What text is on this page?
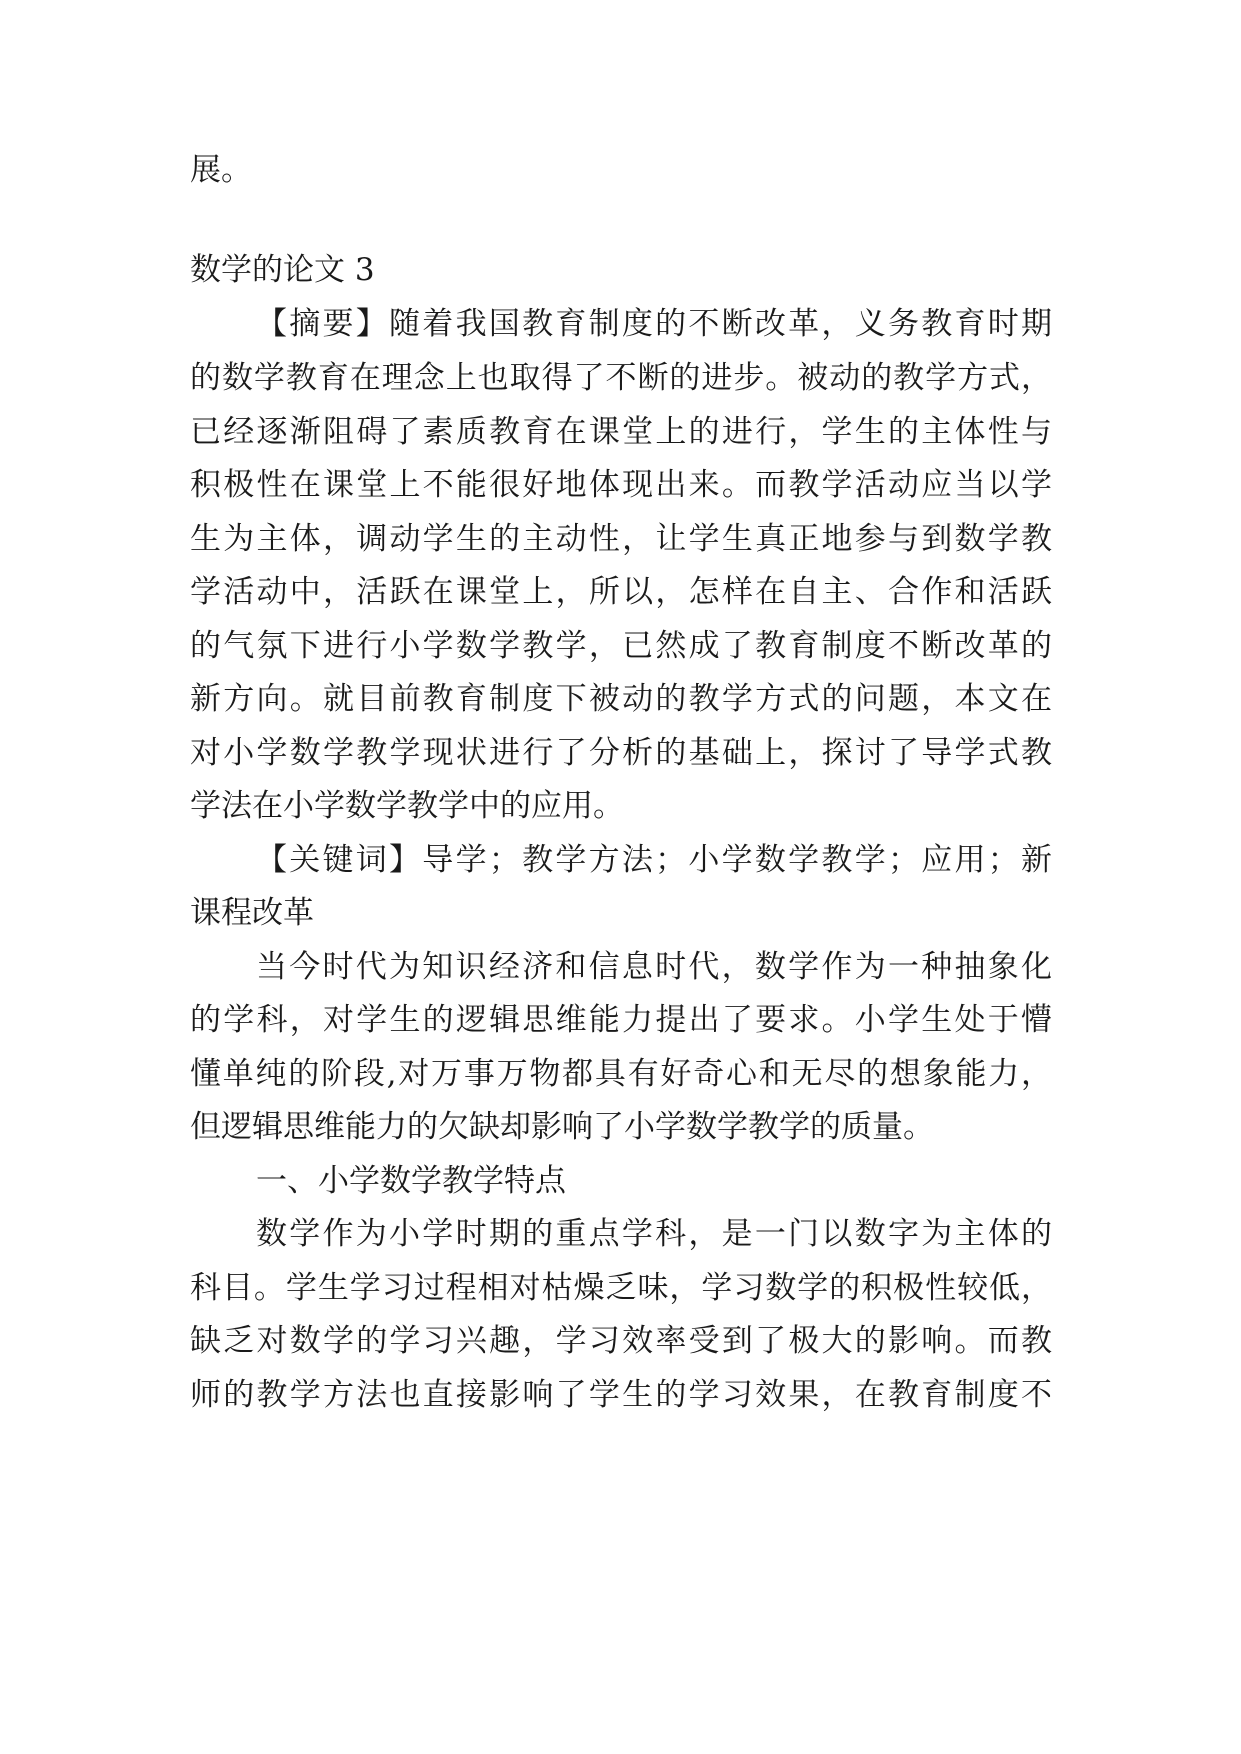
展。
数学的论文 3
【摘要】随着我国教育制度的不断改革，义务教育时期
的数学教育在理念上也取得了不断的进步。被动的教学方式，
已经逐渐阻碍了素质教育在课堂上的进行，学生的主体性与
积极性在课堂上不能很好地体现出来。而教学活动应当以学
生为主体，调动学生的主动性，让学生真正地参与到数学教
学活动中，活跃在课堂上，所以，怎样在自主、合作和活跃
的气氛下进行小学数学教学，已然成了教育制度不断改革的
新方向。就目前教育制度下被动的教学方式的问题，本文在
对小学数学教学现状进行了分析的基础上，探讨了导学式教
学法在小学数学教学中的应用。
【关键词】导学；教学方法；小学数学教学；应用；新
课程改革
当今时代为知识经济和信息时代，数学作为一种抽象化
的学科，对学生的逻辑思维能力提出了要求。小学生处于懵
懂单纯的阶段,对万事万物都具有好奇心和无尽的想象能力，
但逻辑思维能力的欠缺却影响了小学数学教学的质量。
一、小学数学教学特点
数学作为小学时期的重点学科，是一门以数字为主体的
科目。学生学习过程相对枯燥乏味，学习数学的积极性较低，
缺乏对数学的学习兴趣，学习效率受到了极大的影响。而教
师的教学方法也直接影响了学生的学习效果，在教育制度不
